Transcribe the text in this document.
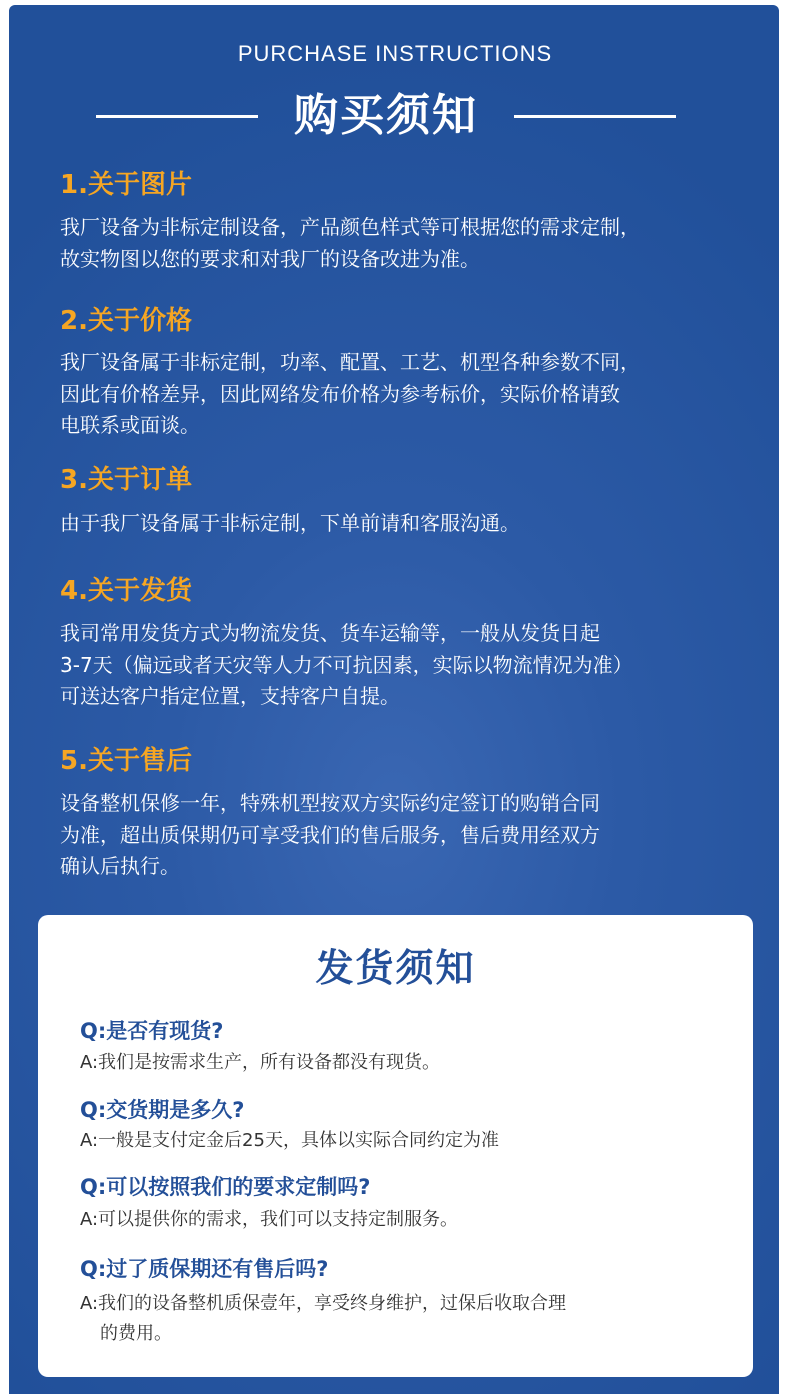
PURCHASE INSTRUCTIONS
购买须知
1.关于图片

我厂设备为非标定制设备，产品颜色样式等可根据您的需求定制，

故实物图以您的要求和对我厂的设备改进为准。

2.关于价格

我厂设备属于非标定制，功率、配置、工艺、机型各种参数不同，

因此有价格差异，因此网络发布价格为参考标价，实际价格请致

电联系或面谈。

3.关于订单

由于我厂设备属于非标定制，下单前请和客服沟通。

4.关于发货

我司常用发货方式为物流发货、货车运输等，一般从发货日起

3-7天（偏远或者天灾等人力不可抗因素，实际以物流情况为准）

可送达客户指定位置，支持客户自提。

5.关于售后

设备整机保修一年，特殊机型按双方实际约定签订的购销合同

为准，超出质保期仍可享受我们的售后服务，售后费用经双方

确认后执行。

发货须知
Q:是否有现货?

A:我们是按需求生产，所有设备都没有现货。

Q:交货期是多久?

A:一般是支付定金后25天，具体以实际合同约定为准

Q:可以按照我们的要求定制吗?

A:可以提供你的需求，我们可以支持定制服务。

Q:过了质保期还有售后吗?

A:我们的设备整机质保壹年，享受终身维护，过保后收取合理

的费用。
